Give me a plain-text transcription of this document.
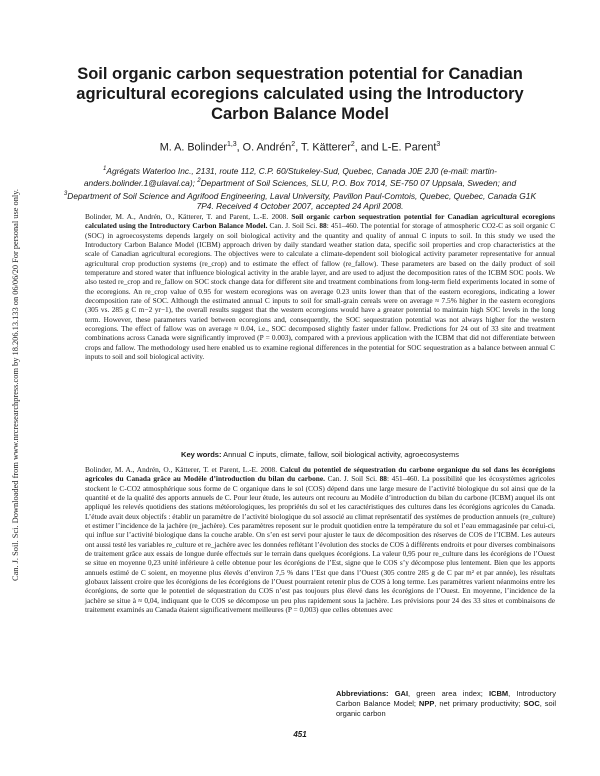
Can. J. Soil. Sci. Downloaded from www.nrcresearchpress.com by 18.206.13.133 on 06/06/20 For personal use only.
Soil organic carbon sequestration potential for Canadian agricultural ecoregions calculated using the Introductory Carbon Balance Model
M. A. Bolinder$^{1,3}$, O. Andrén$^2$, T. Kätterer$^2$, and L-E. Parent$^3$
$^1$Agrégats Waterloo Inc., 2131, route 112, C.P. 60/Stukeley-Sud, Quebec, Canada J0E 2J0 (e-mail: martin-anders.bolinder.1@ulaval.ca); $^2$Department of Soil Sciences, SLU, P.O. Box 7014, SE-750 07 Uppsala, Sweden; and $^3$Department of Soil Science and Agrifood Engineering, Laval University, Pavillon Paul-Comtois, Quebec, Quebec, Canada G1K 7P4. Received 4 October 2007, accepted 24 April 2008.
Bolinder, M. A., Andrén, O., Kätterer, T. and Parent, L.-E. 2008. Soil organic carbon sequestration potential for Canadian agricultural ecoregions calculated using the Introductory Carbon Balance Model. Can. J. Soil Sci. 88: 451–460. The potential for storage of atmospheric CO2-C as soil organic C (SOC) in agroecosystems depends largely on soil biological activity and the quantity and quality of annual C inputs to soil. In this study we used the Introductory Carbon Balance Model (ICBM) approach driven by daily standard weather station data, specific soil properties and crop characteristics at the scale of Canadian agricultural ecoregions. The objectives were to calculate a climate-dependent soil biological activity parameter representative for annual agricultural crop production systems (re_crop) and to estimate the effect of fallow (re_fallow). These parameters are based on the daily product of soil temperature and stored water that influence biological activity in the arable layer, and are used to adjust the decomposition rates of the ICBM SOC pools. We also tested re_crop and re_fallow on SOC stock change data for different site and treatment combinations from long-term field experiments located in some of the ecoregions. An re_crop value of 0.95 for western ecoregions was on average 0.23 units lower than that of the eastern ecoregions, indicating a lower decomposition rate of SOC. Although the estimated annual C inputs to soil for small-grain cereals were on average ≈ 7.5% higher in the eastern ecoregions (305 vs. 285 g C m−2 yr−1), the overall results suggest that the western ecoregions would have a greater potential to maintain high SOC levels in the long term. However, these parameters varied between ecoregions and, consequently, the SOC sequestration potential was not always higher for the western ecoregions. The effect of fallow was on average ≈ 0.04, i.e., SOC decomposed slightly faster under fallow. Predictions for 24 out of 33 site and treatment combinations across Canada were significantly improved (P = 0.003), compared with a previous application with the ICBM that did not differentiate between crops and fallow. The methodology used here enabled us to examine regional differences in the potential for SOC sequestration as a balance between annual C inputs to soil and soil biological activity.
Key words: Annual C inputs, climate, fallow, soil biological activity, agroecosystems
Bolinder, M. A., Andrén, O., Kätterer, T. et Parent, L.-E. 2008. Calcul du potentiel de séquestration du carbone organique du sol dans les écorégions agricoles du Canada grâce au Modèle d’introduction du bilan du carbone. Can. J. Soil Sci. 88: 451–460. La possibilité que les écosystèmes agricoles stockent le C-CO2 atmosphérique sous forme de C organique dans le sol (COS) dépend dans une large mesure de l’activité biologique du sol ainsi que de la quantité et de la qualité des apports annuels de C. Pour leur étude, les auteurs ont recouru au Modèle d’introduction du bilan du carbone (ICBM) auquel ils ont appliqué les relevés quotidiens des stations météorologiques, les propriétés du sol et les caractéristiques des cultures dans les écorégions agricoles du Canada. L’étude avait deux objectifs : établir un paramètre de l’activité biologique du sol associé au climat représentatif des systèmes de production annuels (re_culture) et estimer l’incidence de la jachère (re_jachère). Ces paramètres reposent sur le produit quotidien entre la température du sol et l’eau emmagasinée par celui-ci, qui influe sur l’activité biologique dans la couche arable. On s’en est servi pour ajuster le taux de décomposition des réserves de COS de l’ICBM. Les auteurs ont aussi testé les variables re_culture et re_jachère avec les données reflétant l’évolution des stocks de COS à différents endroits et pour diverses combinaisons de traitement grâce aux essais de longue durée effectués sur le terrain dans quelques écorégions. La valeur 0,95 pour re_culture dans les écorégions de l’Ouest se situe en moyenne 0,23 unité inférieure à celle obtenue pour les écorégions de l’Est, signe que le COS s’y décompose plus lentement. Bien que les apports annuels estimé de C soient, en moyenne plus élevés d’environ 7,5 % dans l’Est que dans l’Ouest (305 contre 285 g de C par m² et par année), les résultats globaux laissent croire que les écorégions de les écorégions de l’Ouest pourraient retenir plus de COS à long terme. Les paramètres varient néanmoins entre les écorégions, de sorte que le potentiel de séquestration du COS n’est pas toujours plus élevé dans les écorégions de l’Ouest. En moyenne, l’incidence de la jachère se situe à ≈ 0,04, indiquant que le COS se décompose un peu plus rapidement sous la jachère. Les prévisions pour 24 des 33 sites et combinaisons de traitement examinés au Canada étaient significativement meilleures (P = 0,003) que celles obtenues avec
Abbreviations: GAI, green area index; ICBM, Introductory Carbon Balance Model; NPP, net primary productivity; SOC, soil organic carbon
451
